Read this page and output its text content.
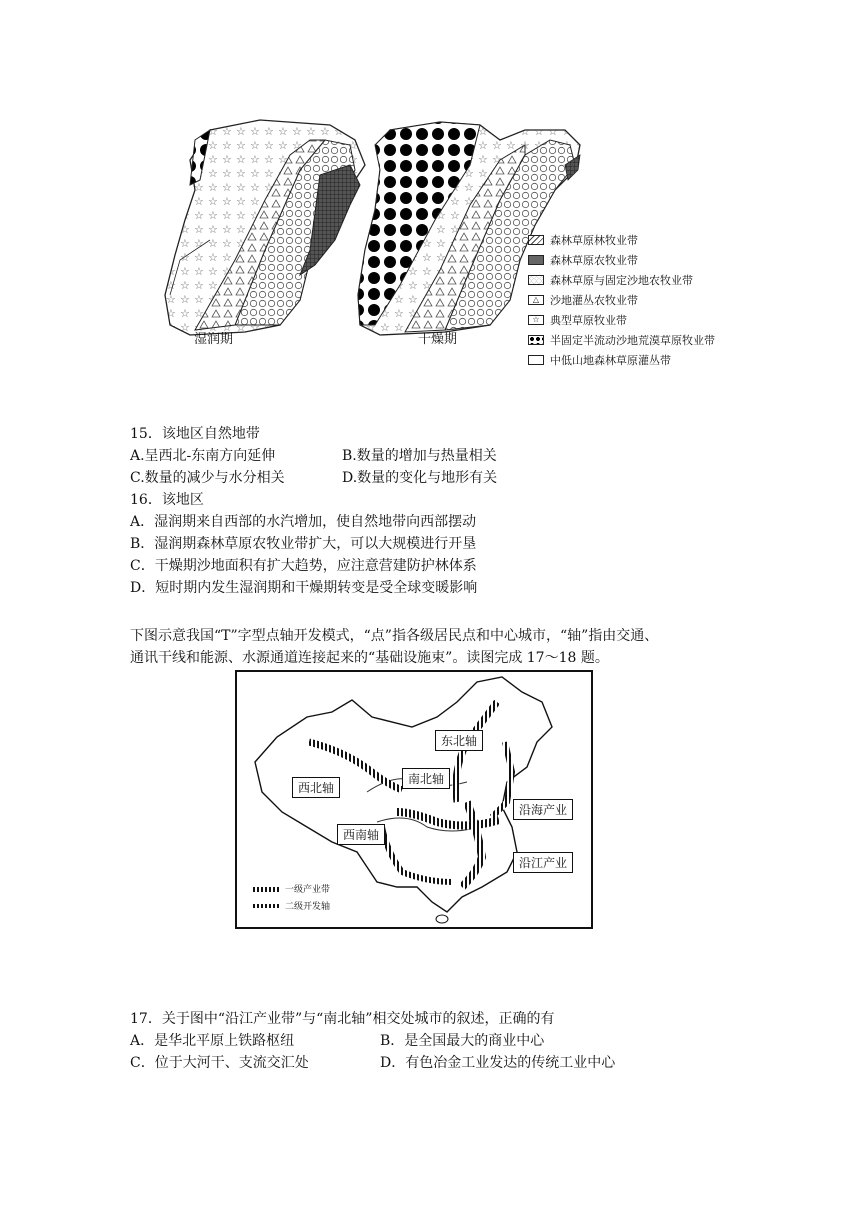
湿润期	干燥期
森林草原林牧业带
森林草原农牧业带
森林草原与固定沙地农牧业带
△ 沙地灌丛农牧业带
☆ 典型草原牧业带
半固定半流动沙地荒漠草原牧业带
中低山地森林草原灌丛带
15．该地区自然地带
A.呈西北-东南方向延伸	B.数量的增加与热量相关
C.数量的减少与水分相关	D.数量的变化与地形有关
16．该地区
A．湿润期来自西部的水汽增加，使自然地带向西部摆动
B．湿润期森林草原农牧业带扩大，可以大规模进行开垦
C．干燥期沙地面积有扩大趋势，应注意营建防护林体系
D．短时期内发生湿润期和干燥期转变是受全球变暖影响
下图示意我国“T”字型点轴开发模式，“点”指各级居民点和中心城市，“轴”指由交通、
通讯干线和能源、水源通道连接起来的“基础设施束”。读图完成 17～18 题。
一级产业带
二级开发轴
东北轴
南北轴
西北轴
西南轴
沿海产业
沿江产业
17．关于图中“沿江产业带”与“南北轴”相交处城市的叙述，正确的有
A．是华北平原上铁路枢纽	B．是全国最大的商业中心
C．位于大河干、支流交汇处	D．有色冶金工业发达的传统工业中心
